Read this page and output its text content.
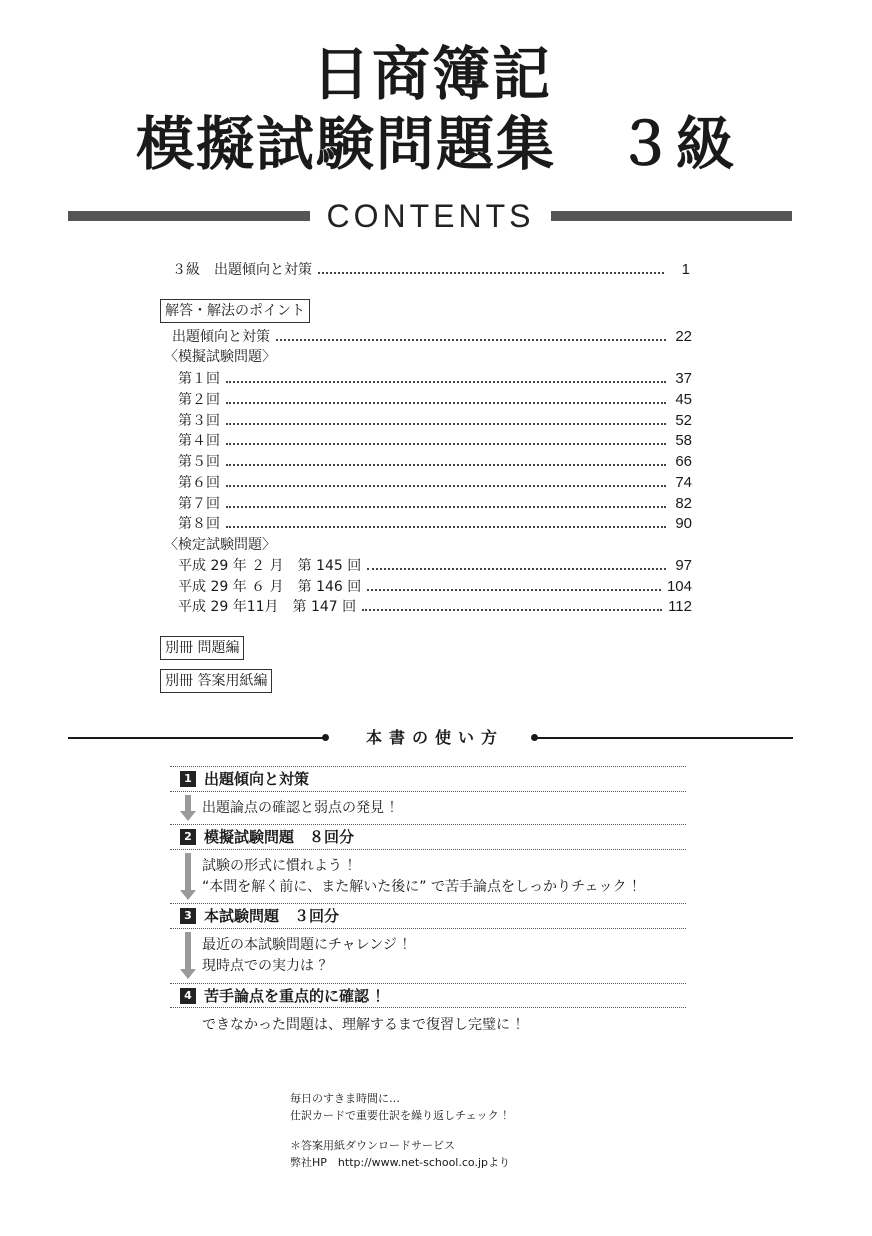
日商簿記
模擬試験問題集　３級
CONTENTS
３級　出題傾向と対策	1
解答・解法のポイント
出題傾向と対策	22
〈模擬試験問題〉
第１回	37
第２回	45
第３回	52
第４回	58
第５回	66
第６回	74
第７回	82
第８回	90
〈検定試験問題〉
平成 29 年 ２ 月　第 145 回	97
平成 29 年 ６ 月　第 146 回	104
平成 29 年11月　第 147 回	112
別冊 問題編
別冊 答案用紙編
本書の使い方
1 出題傾向と対策
出題論点の確認と弱点の発見 ！
2 模擬試験問題　８回分
試験の形式に慣れよう ！
“本問を解く前に、また解いた後に” で苦手論点をしっかりチェック ！
3 本試験問題　３回分
最近の本試験問題にチャレンジ ！
現時点での実力は ？
4 苦手論点を重点的に確認 ！
できなかった問題は、理解するまで復習し完璧に ！
毎日のすきま時間に…
仕訳カードで重要仕訳を繰り返しチェック ！
＊答案用紙ダウンロードサービス
弊社HP　http://www.net-school.co.jpより
